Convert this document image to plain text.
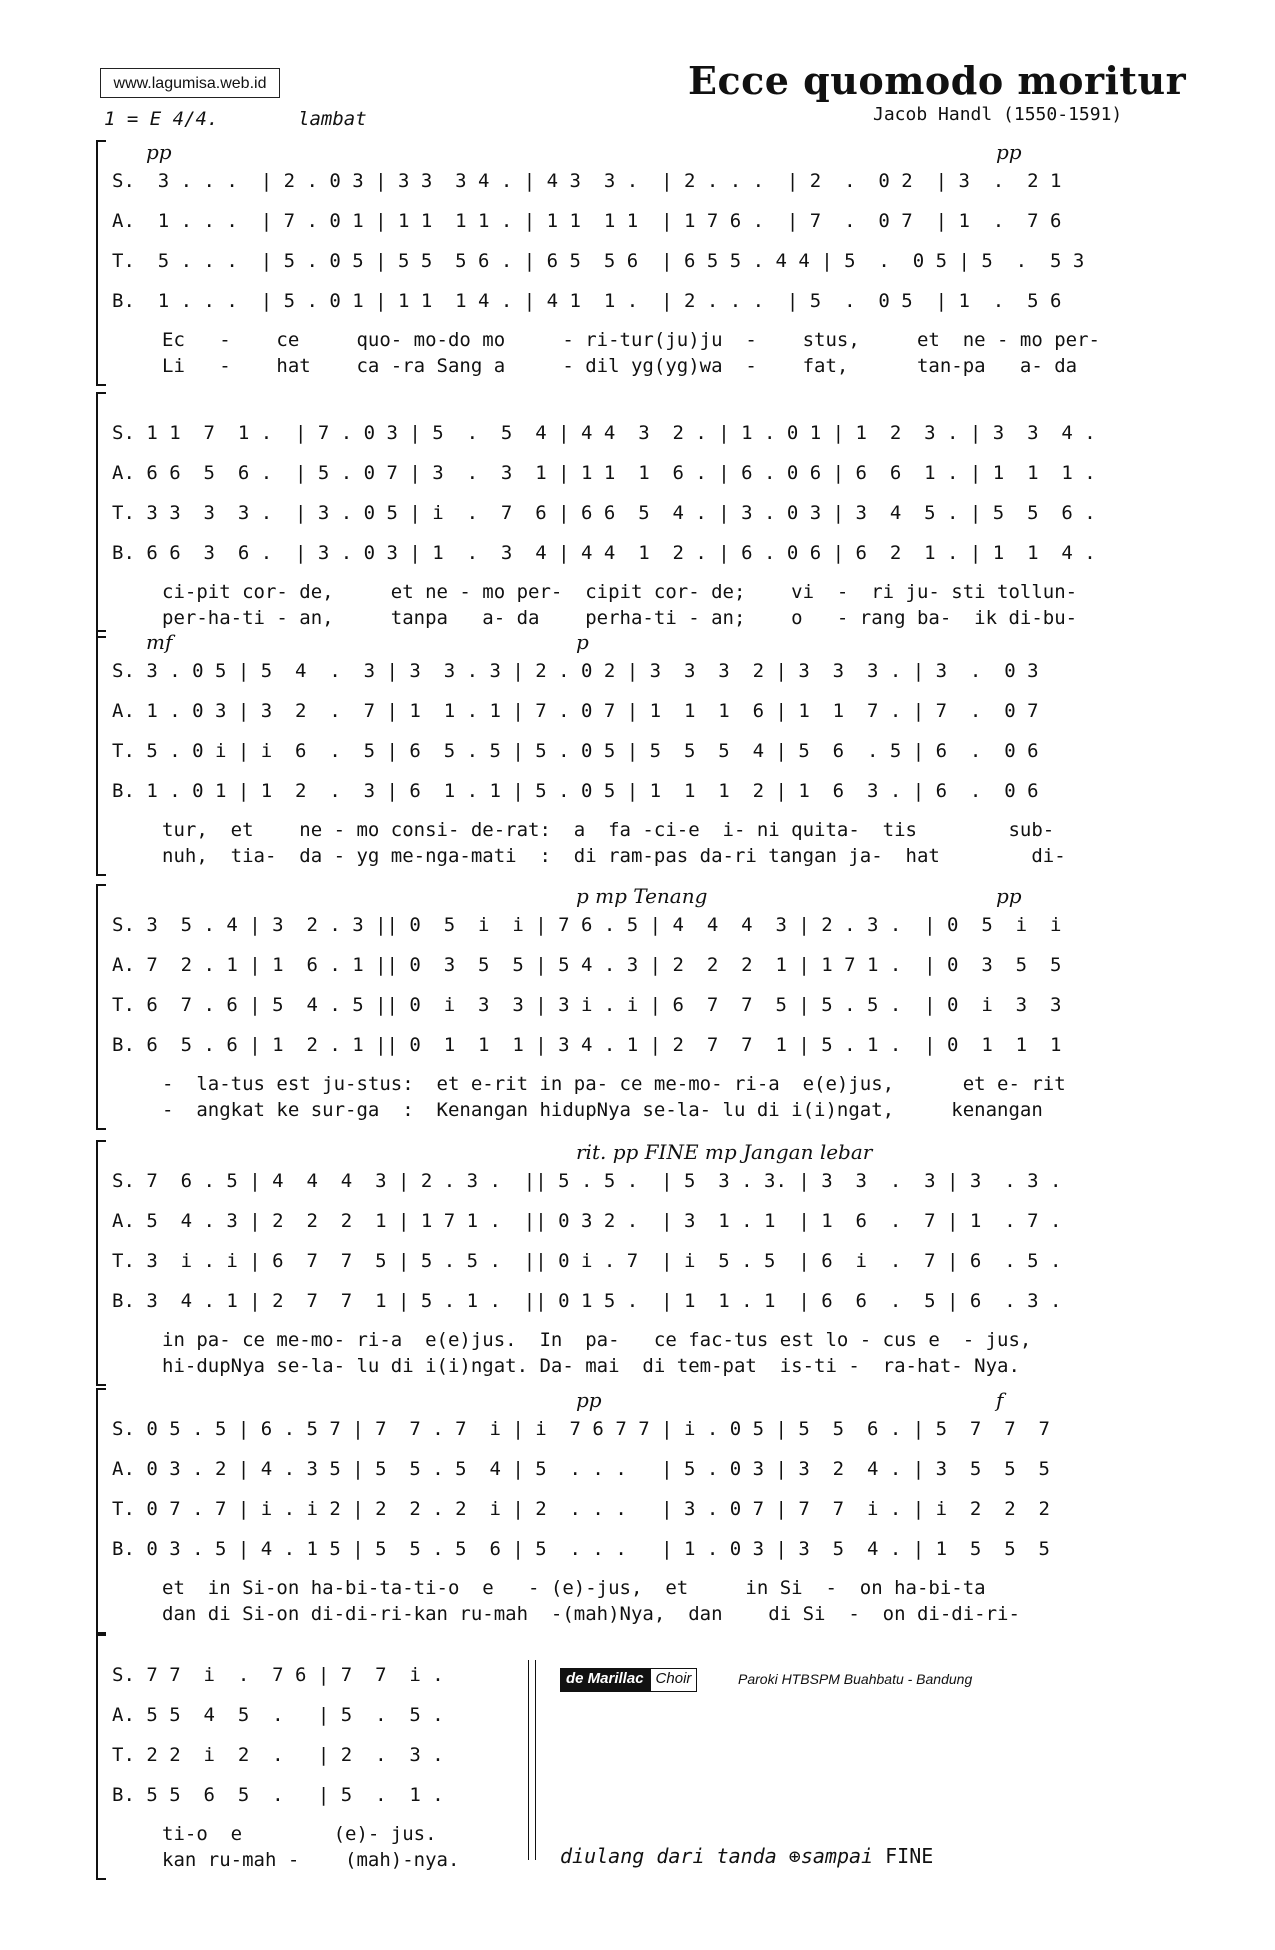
www.lagumisa.web.id	Ecce quomodo moritur
Jacob Handl (1550-1591)
1 = E 4/4.	lambat
pp	pp
S.  3 . . .  | 2 . 0 3 | 3 3  3 4 . | 4 3  3 .  | 2 . . .  | 2  .  0 2  | 3  .  2 1
A.  1 . . .  | 7 . 0 1 | 1 1  1 1 . | 1 1  1 1  | 1 7 6 .  | 7  .  0 7  | 1  .  7 6
T.  5 . . .  | 5 . 0 5 | 5 5  5 6 . | 6 5  5 6  | 6 5 5 . 4 4 | 5  .  0 5 | 5  .  5 3
B.  1 . . .  | 5 . 0 1 | 1 1  1 4 . | 4 1  1 .  | 2 . . .  | 5  .  0 5  | 1  .  5 6
Ec   -    ce     quo- mo-do mo     - ri-tur(ju)ju  -    stus,     et  ne - mo per-
Li   -    hat    ca -ra Sang a     - dil yg(yg)wa  -    fat,      tan-pa   a- da
S. 1 1  7  1 .  | 7 . 0 3 | 5  .  5  4 | 4 4  3  2 . | 1 . 0 1 | 1  2  3 . | 3  3  4 .
A. 6 6  5  6 .  | 5 . 0 7 | 3  .  3  1 | 1 1  1  6 . | 6 . 0 6 | 6  6  1 . | 1  1  1 .
T. 3 3  3  3 .  | 3 . 0 5 | i  .  7  6 | 6 6  5  4 . | 3 . 0 3 | 3  4  5 . | 5  5  6 .
B. 6 6  3  6 .  | 3 . 0 3 | 1  .  3  4 | 4 4  1  2 . | 6 . 0 6 | 6  2  1 . | 1  1  4 .
ci-pit cor- de,     et ne - mo per-  cipit cor- de;    vi  -  ri ju- sti tollun-
per-ha-ti - an,     tanpa   a- da    perha-ti - an;    o   - rang ba-  ik di-bu-
mf	p
S. 3 . 0 5 | 5  4  .  3 | 3  3 . 3 | 2 . 0 2 | 3  3  3  2 | 3  3  3 . | 3  .  0 3
A. 1 . 0 3 | 3  2  .  7 | 1  1 . 1 | 7 . 0 7 | 1  1  1  6 | 1  1  7 . | 7  .  0 7
T. 5 . 0 i | i  6  .  5 | 6  5 . 5 | 5 . 0 5 | 5  5  5  4 | 5  6  . 5 | 6  .  0 6
B. 1 . 0 1 | 1  2  .  3 | 6  1 . 1 | 5 . 0 5 | 1  1  1  2 | 1  6  3 . | 6  .  0 6
tur,  et    ne - mo consi- de-rat:  a  fa -ci-e  i- ni quita-  tis        sub-
nuh,  tia-  da - yg me-nga-mati  :  di ram-pas da-ri tangan ja-  hat        di-
p mp Tenang	pp
S. 3  5 . 4 | 3  2 . 3 || 0  5  i  i | 7 6 . 5 | 4  4  4  3 | 2 . 3 .  | 0  5  i  i
A. 7  2 . 1 | 1  6 . 1 || 0  3  5  5 | 5 4 . 3 | 2  2  2  1 | 1 7 1 .  | 0  3  5  5
T. 6  7 . 6 | 5  4 . 5 || 0  i  3  3 | 3 i . i | 6  7  7  5 | 5 . 5 .  | 0  i  3  3
B. 6  5 . 6 | 1  2 . 1 || 0  1  1  1 | 3 4 . 1 | 2  7  7  1 | 5 . 1 .  | 0  1  1  1
-  la-tus est ju-stus:  et e-rit in pa- ce me-mo- ri-a  e(e)jus,      et e- rit
-  angkat ke sur-ga  :  Kenangan hidupNya se-la- lu di i(i)ngat,     kenangan
rit. pp FINE mp Jangan lebar
S. 7  6 . 5 | 4  4  4  3 | 2 . 3 .  || 5 . 5 .  | 5  3 . 3. | 3  3  .  3 | 3  . 3 .
A. 5  4 . 3 | 2  2  2  1 | 1 7 1 .  || 0 3 2 .  | 3  1 . 1  | 1  6  .  7 | 1  . 7 .
T. 3  i . i | 6  7  7  5 | 5 . 5 .  || 0 i . 7  | i  5 . 5  | 6  i  .  7 | 6  . 5 .
B. 3  4 . 1 | 2  7  7  1 | 5 . 1 .  || 0 1 5 .  | 1  1 . 1  | 6  6  .  5 | 6  . 3 .
in pa- ce me-mo- ri-a  e(e)jus.  In  pa-   ce fac-tus est lo - cus e  - jus,
hi-dupNya se-la- lu di i(i)ngat. Da- mai  di tem-pat  is-ti -  ra-hat- Nya.
pp	f
S. 0 5 . 5 | 6 . 5 7 | 7  7 . 7  i | i  7 6 7 7 | i . 0 5 | 5  5  6 . | 5  7  7  7
A. 0 3 . 2 | 4 . 3 5 | 5  5 . 5  4 | 5  . . .   | 5 . 0 3 | 3  2  4 . | 3  5  5  5
T. 0 7 . 7 | i . i 2 | 2  2 . 2  i | 2  . . .   | 3 . 0 7 | 7  7  i . | i  2  2  2
B. 0 3 . 5 | 4 . 1 5 | 5  5 . 5  6 | 5  . . .   | 1 . 0 3 | 3  5  4 . | 1  5  5  5
et  in Si-on ha-bi-ta-ti-o  e   - (e)-jus,  et     in Si  -  on ha-bi-ta
dan di Si-on di-di-ri-kan ru-mah  -(mah)Nya,  dan    di Si  -  on di-di-ri-
S. 7 7  i  .  7 6 | 7  7  i .
A. 5 5  4  5  .   | 5  .  5 .
T. 2 2  i  2  .   | 2  .  3 .
B. 5 5  6  5  .   | 5  .  1 .
ti-o  e        (e)- jus.
kan ru-mah -    (mah)-nya.
de Marillac Choir	Paroki HTBSPM Buahbatu - Bandung
diulang dari tanda ⊕sampai FINE
